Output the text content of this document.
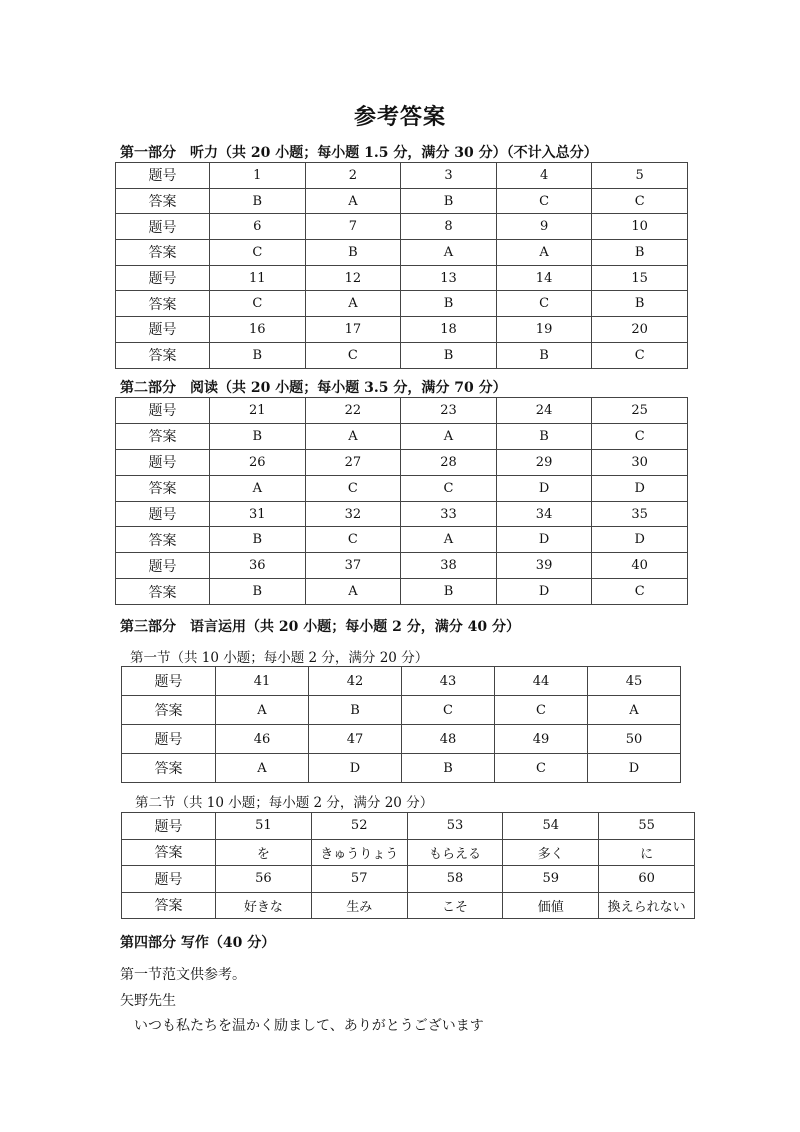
参考答案
第一部分　听力（共 20 小题；每小题 1.5 分，满分 30 分）（不计入总分）
题号	1	2	3	4	5
答案	B	A	B	C	C
题号	6	7	8	9	10
答案	C	B	A	A	B
题号	11	12	13	14	15
答案	C	A	B	C	B
题号	16	17	18	19	20
答案	B	C	B	B	C
第二部分　阅读（共 20 小题；每小题 3.5 分，满分 70 分）
题号	21	22	23	24	25
答案	B	A	A	B	C
题号	26	27	28	29	30
答案	A	C	C	D	D
题号	31	32	33	34	35
答案	B	C	A	D	D
题号	36	37	38	39	40
答案	B	A	B	D	C
第三部分　语言运用（共 20 小题；每小题 2 分，满分 40 分）
第一节（共 10 小题；每小题 2 分，满分 20 分）
题号	41	42	43	44	45
答案	A	B	C	C	A
题号	46	47	48	49	50
答案	A	D	B	C	D
第二节（共 10 小题；每小题 2 分，满分 20 分）
题号	51	52	53	54	55
答案	を	きゅうりょう	もらえる	多く	に
题号	56	57	58	59	60
答案	好きな	生み	こそ	価値	換えられない
第四部分 写作（40 分）
第一节范文供参考。
矢野先生
　いつも私たちを温かく励まして、ありがとうございます
